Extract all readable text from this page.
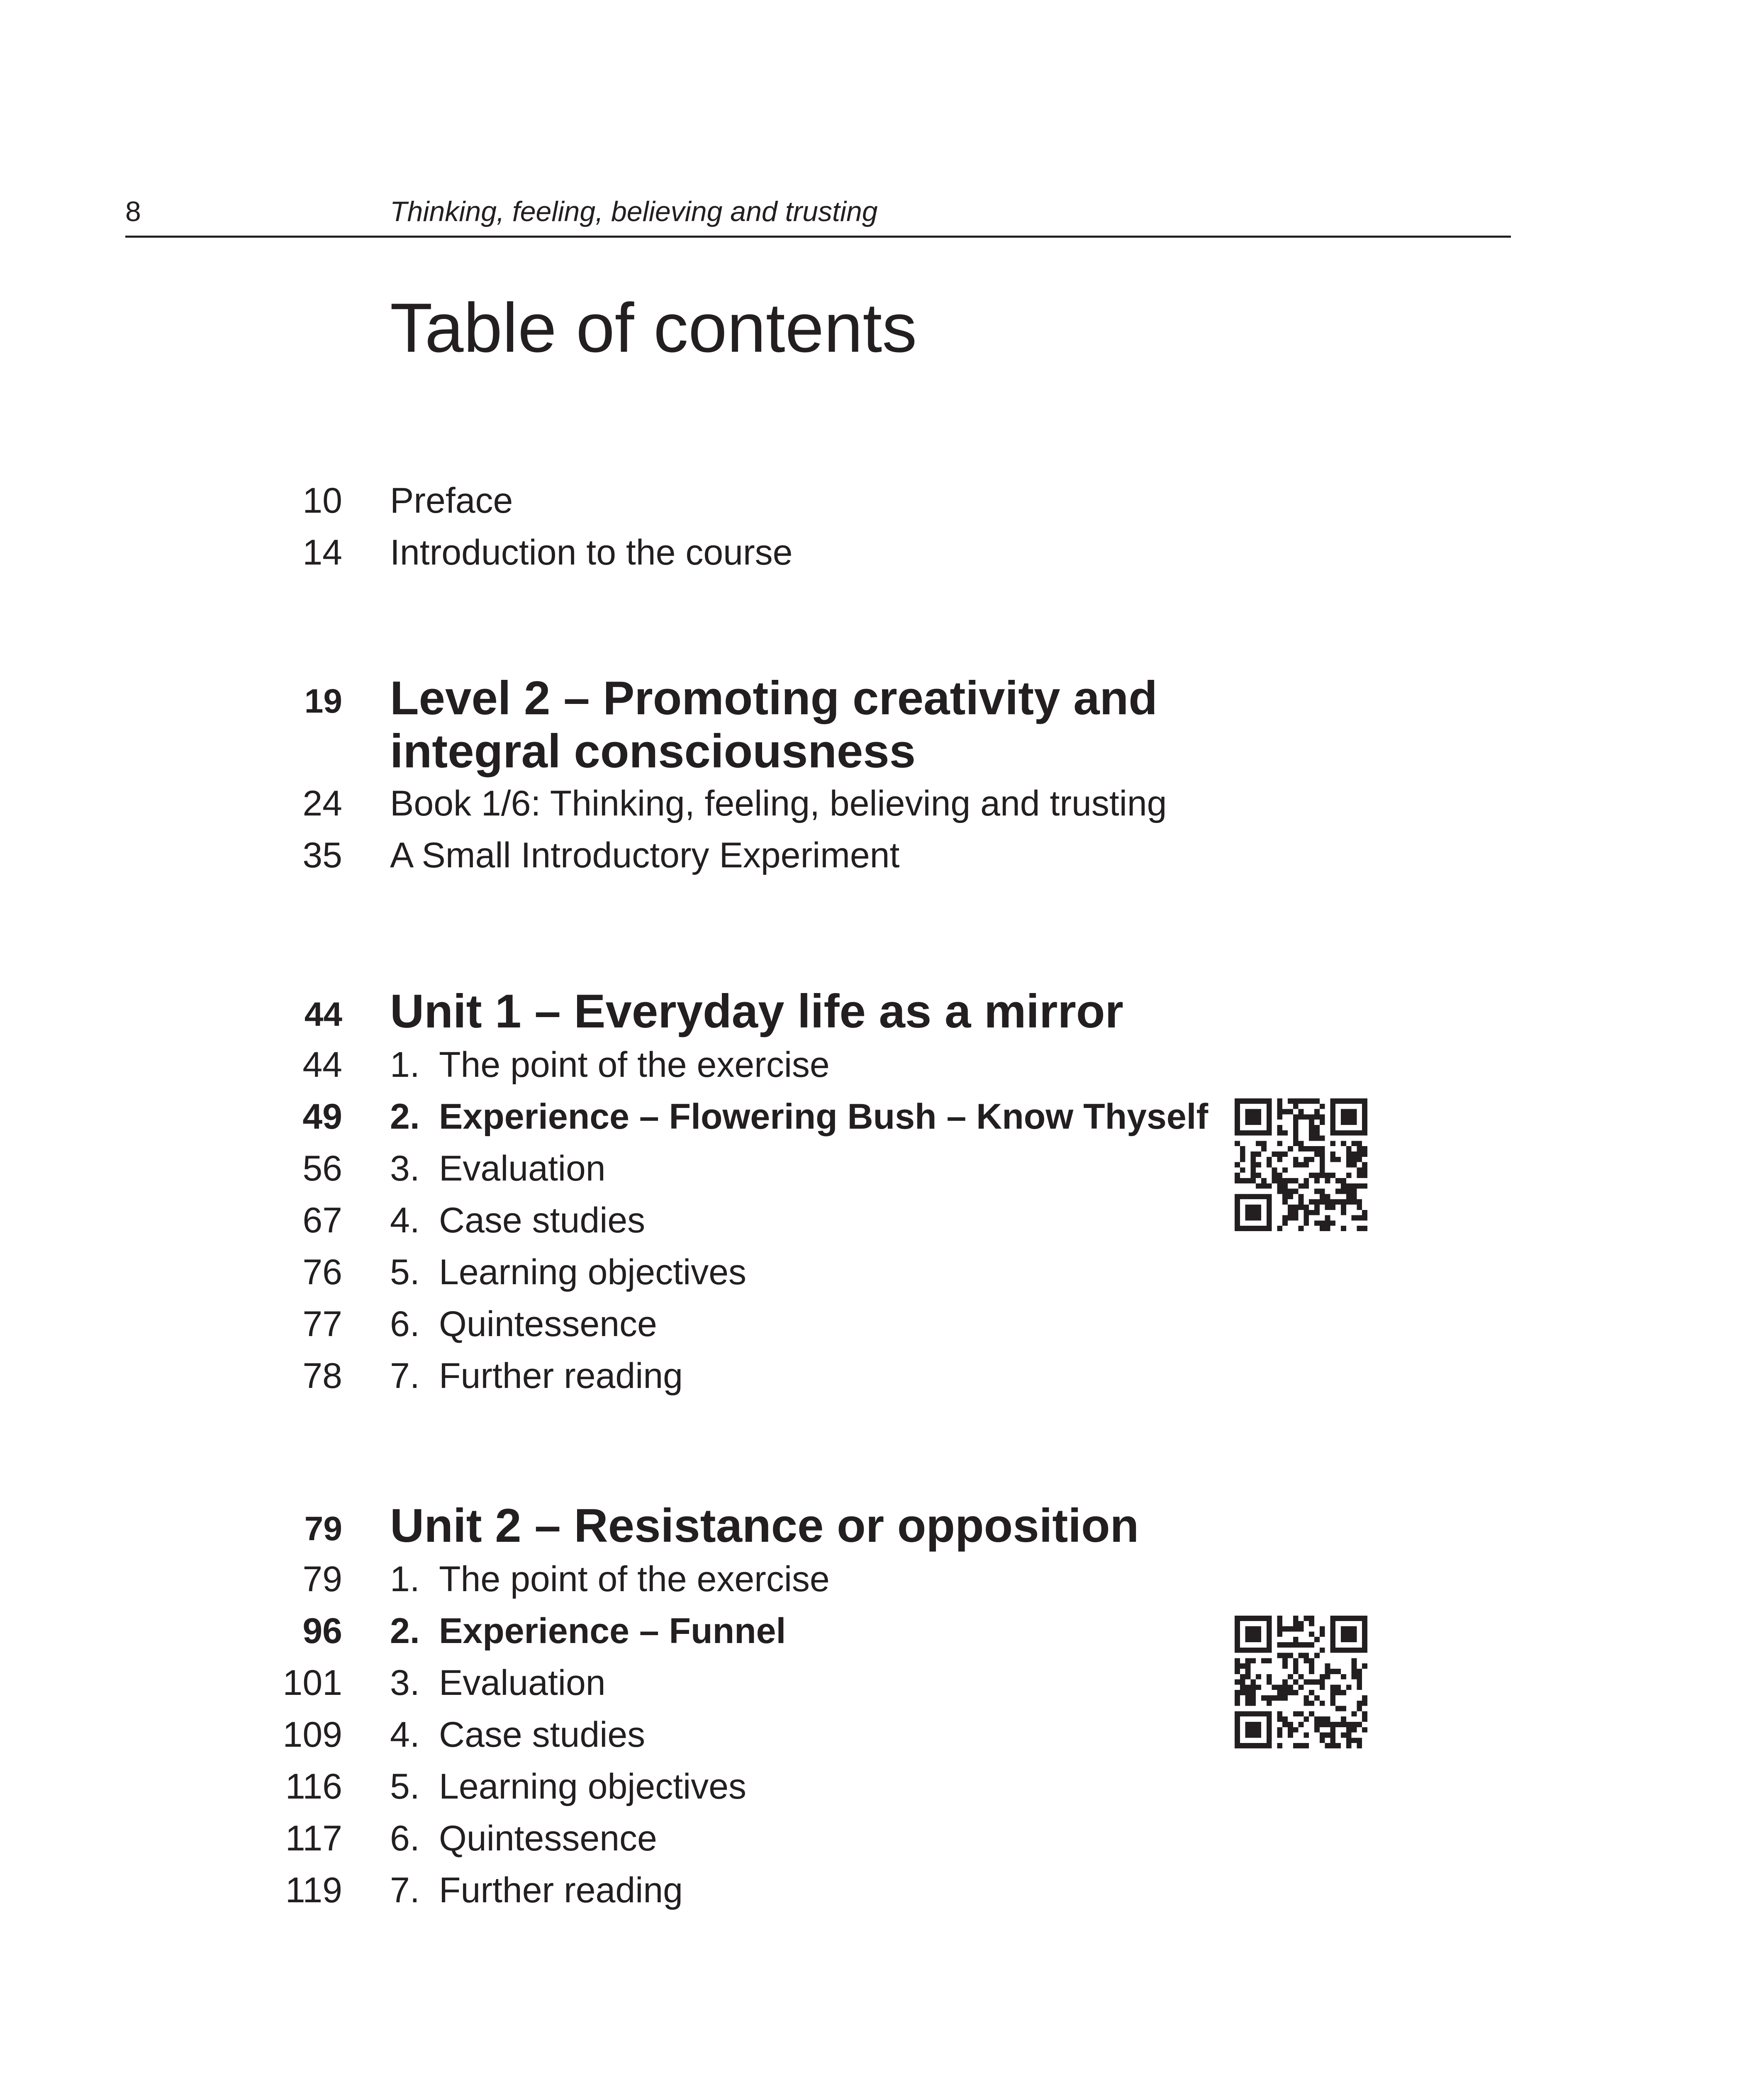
8	Thinking, feeling, believing and trusting
Table of contents
10 Preface
14 Introduction to the course
19 Level 2 – Promoting creativity and integral consciousness
24 Book 1/6: Thinking, feeling, believing and trusting
35 A Small Introductory Experiment
44 Unit 1 – Everyday life as a mirror
44 1. The point of the exercise
49 2. Experience – Flowering Bush – Know Thyself
56 3. Evaluation
67 4. Case studies
76 5. Learning objectives
77 6. Quintessence
78 7. Further reading
79 Unit 2 – Resistance or opposition
79 1. The point of the exercise
96 2. Experience – Funnel
101 3. Evaluation
109 4. Case studies
116 5. Learning objectives
117 6. Quintessence
119 7. Further reading
